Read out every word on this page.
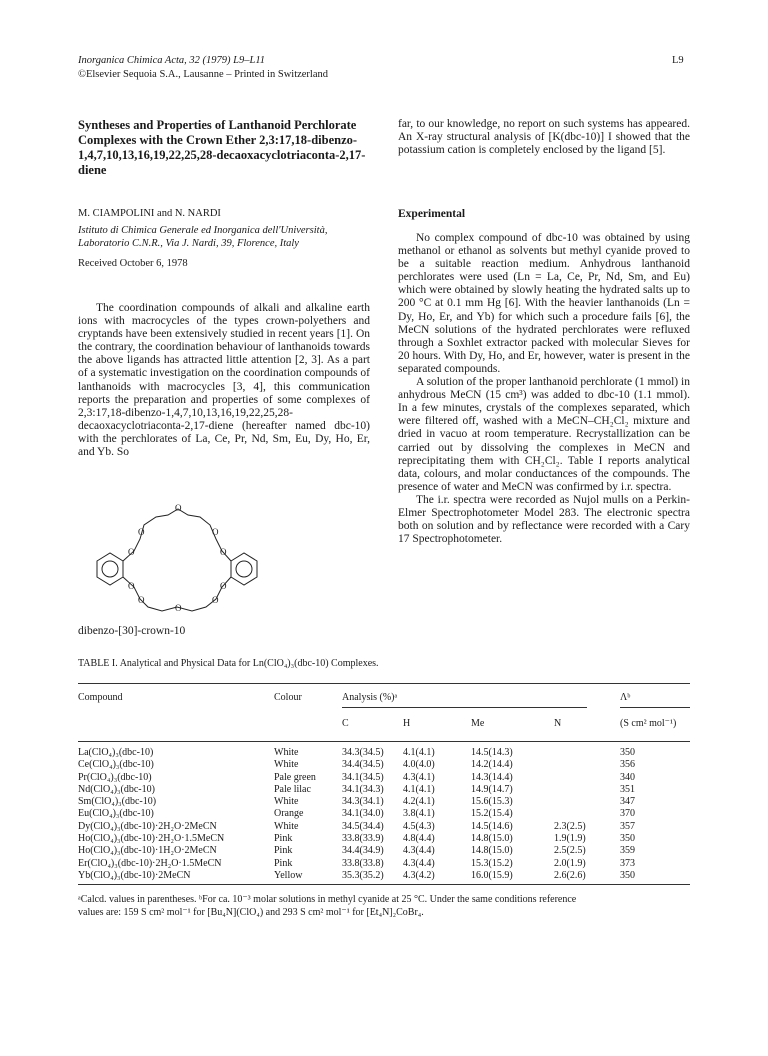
Inorganica Chimica Acta, 32 (1979) L9–L11
©Elsevier Sequoia S.A., Lausanne – Printed in Switzerland
L9
Syntheses and Properties of Lanthanoid Perchlorate Complexes with the Crown Ether 2,3:17,18-dibenzo-1,4,7,10,13,16,19,22,25,28-decaoxacyclotriaconta-2,17-diene
M. CIAMPOLINI and N. NARDI
Istituto di Chimica Generale ed Inorganica dell'Università,
Laboratorio C.N.R., Via J. Nardi, 39, Florence, Italy
Received October 6, 1978

The coordination compounds of alkali and alkaline earth ions with macrocycles of the types crown-polyethers and cryptands have been extensively studied in recent years [1]. On the contrary, the coordination behaviour of lanthanoids towards the above ligands has attracted little attention [2, 3]. As a part of a systematic investigation on the coordination compounds of lanthanoids with macrocycles [3, 4], this communication reports the preparation and properties of some complexes of 2,3:17,18-dibenzo-1,4,7,10,13,16,19,22,25,28-decaoxacyclotriaconta-2,17-diene (hereafter named dbc-10) with the perchlorates of La, Ce, Pr, Nd, Sm, Eu, Dy, Ho, Er, and Yb. So

O
O
O
O
O
O
O
O
O
O
dibenzo-[30]-crown-10

far, to our knowledge, no report on such systems has appeared. An X-ray structural analysis of [K(dbc-10)] I showed that the potassium cation is completely enclosed by the ligand [5].

Experimental

No complex compound of dbc-10 was obtained by using methanol or ethanol as solvents but methyl cyanide proved to be a suitable reaction medium. Anhydrous lanthanoid perchlorates were used (Ln = La, Ce, Pr, Nd, Sm, and Eu) which were obtained by slowly heating the hydrated salts up to 200 °C at 0.1 mm Hg [6]. With the heavier lanthanoids (Ln = Dy, Ho, Er, and Yb) for which such a procedure fails [6], the MeCN solutions of the hydrated perchlorates were refluxed through a Soxhlet extractor packed with molecular Sieves for 20 hours. With Dy, Ho, and Er, however, water is present in the separated compounds.

A solution of the proper lanthanoid perchlorate (1 mmol) in anhydrous MeCN (15 cm³) was added to dbc-10 (1.1 mmol). In a few minutes, crystals of the complexes separated, which were filtered off, washed with a MeCN–CH₂Cl₂ mixture and dried in vacuo at room temperature. Recrystallization can be carried out by dissolving the complexes in MeCN and reprecipitating them with CH₂Cl₂. Table I reports analytical data, colours, and molar conductances of the compounds. The presence of water and MeCN was confirmed by i.r. spectra.

The i.r. spectra were recorded as Nujol mulls on a Perkin-Elmer Spectrophotometer Model 283. The electronic spectra both on solution and by reflectance were recorded with a Cary 17 Spectrophotometer.

TABLE I. Analytical and Physical Data for Ln(ClO₄)₃(dbc-10) Complexes.
Compound	Colour	Analysis (%)ᵃ
C	H	Me	N
Λᵇ
(S cm² mol⁻¹)
La(ClO₄)₃(dbc-10)	White	34.3(34.5)	4.1(4.1)	14.5(14.3)		350
Ce(ClO₄)₃(dbc-10)	White	34.4(34.5)	4.0(4.0)	14.2(14.4)		356
Pr(ClO₄)₃(dbc-10)	Pale green	34.1(34.5)	4.3(4.1)	14.3(14.4)		340
Nd(ClO₄)₃(dbc-10)	Pale lilac	34.1(34.3)	4.1(4.1)	14.9(14.7)		351
Sm(ClO₄)₃(dbc-10)	White	34.3(34.1)	4.2(4.1)	15.6(15.3)		347
Eu(ClO₄)₃(dbc-10)	Orange	34.1(34.0)	3.8(4.1)	15.2(15.4)		370
Dy(ClO₄)₃(dbc-10)·2H₂O·2MeCN	White	34.5(34.4)	4.5(4.3)	14.5(14.6)	2.3(2.5)	357
Ho(ClO₄)₃(dbc-10)·2H₂O·1.5MeCN	Pink	33.8(33.9)	4.8(4.4)	14.8(15.0)	1.9(1.9)	350
Ho(ClO₄)₃(dbc-10)·1H₂O·2MeCN	Pink	34.4(34.9)	4.3(4.4)	14.8(15.0)	2.5(2.5)	359
Er(ClO₄)₃(dbc-10)·2H₂O·1.5MeCN	Pink	33.8(33.8)	4.3(4.4)	15.3(15.2)	2.0(1.9)	373
Yb(ClO₄)₃(dbc-10)·2MeCN	Yellow	35.3(35.2)	4.3(4.2)	16.0(15.9)	2.6(2.6)	350
ᵃCalcd. values in parentheses. ᵇFor ca. 10⁻³ molar solutions in methyl cyanide at 25 °C. Under the same conditions reference
values are: 159 S cm² mol⁻¹ for [Bu₄N](ClO₄) and 293 S cm² mol⁻¹ for [Et₄N]₂CoBr₄.
